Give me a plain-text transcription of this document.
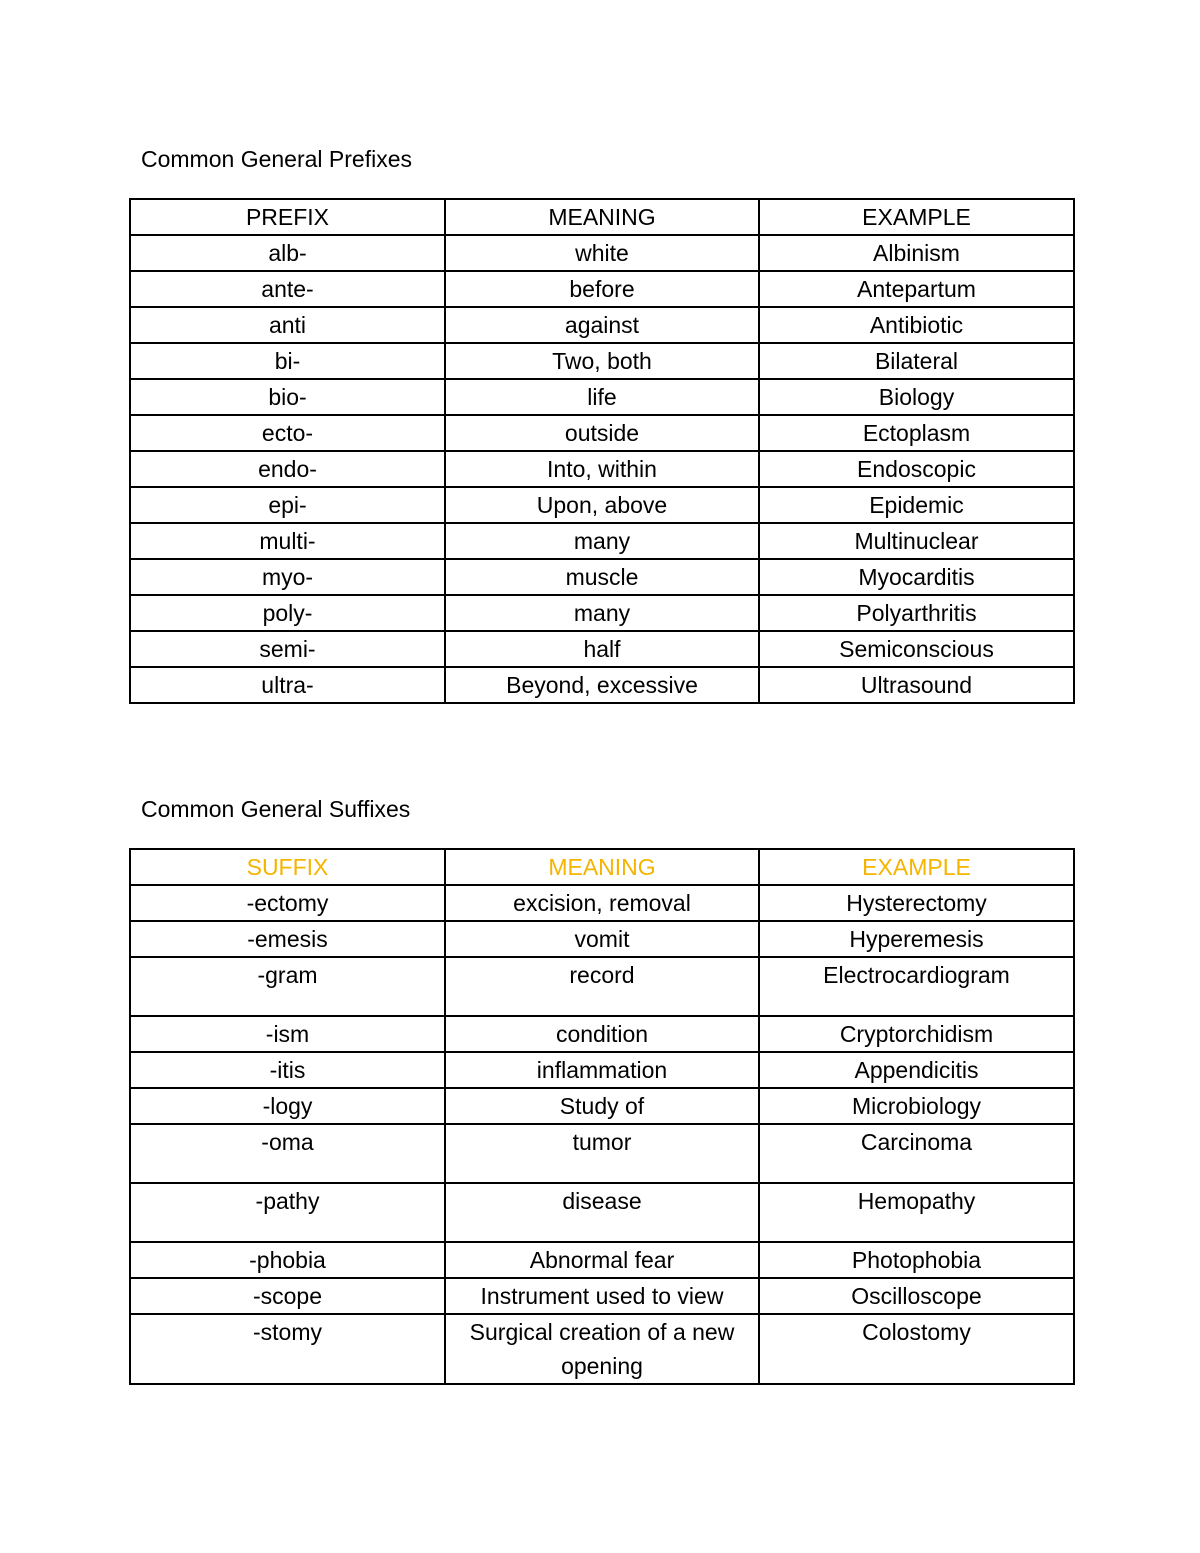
Common General Prefixes
PREFIX	MEANING	EXAMPLE
alb-	white	Albinism
ante-	before	Antepartum
anti	against	Antibiotic
bi-	Two, both	Bilateral
bio-	life	Biology
ecto-	outside	Ectoplasm
endo-	Into, within	Endoscopic
epi-	Upon, above	Epidemic
multi-	many	Multinuclear
myo-	muscle	Myocarditis
poly-	many	Polyarthritis
semi-	half	Semiconscious
ultra-	Beyond, excessive	Ultrasound
Common General Suffixes
SUFFIX	MEANING	EXAMPLE
-ectomy	excision, removal	Hysterectomy
-emesis	vomit	Hyperemesis
-gram	record	Electrocardiogram
-ism	condition	Cryptorchidism
-itis	inflammation	Appendicitis
-logy	Study of	Microbiology
-oma	tumor	Carcinoma
-pathy	disease	Hemopathy
-phobia	Abnormal fear	Photophobia
-scope	Instrument used to view	Oscilloscope
-stomy	Surgical creation of a new opening	Colostomy
